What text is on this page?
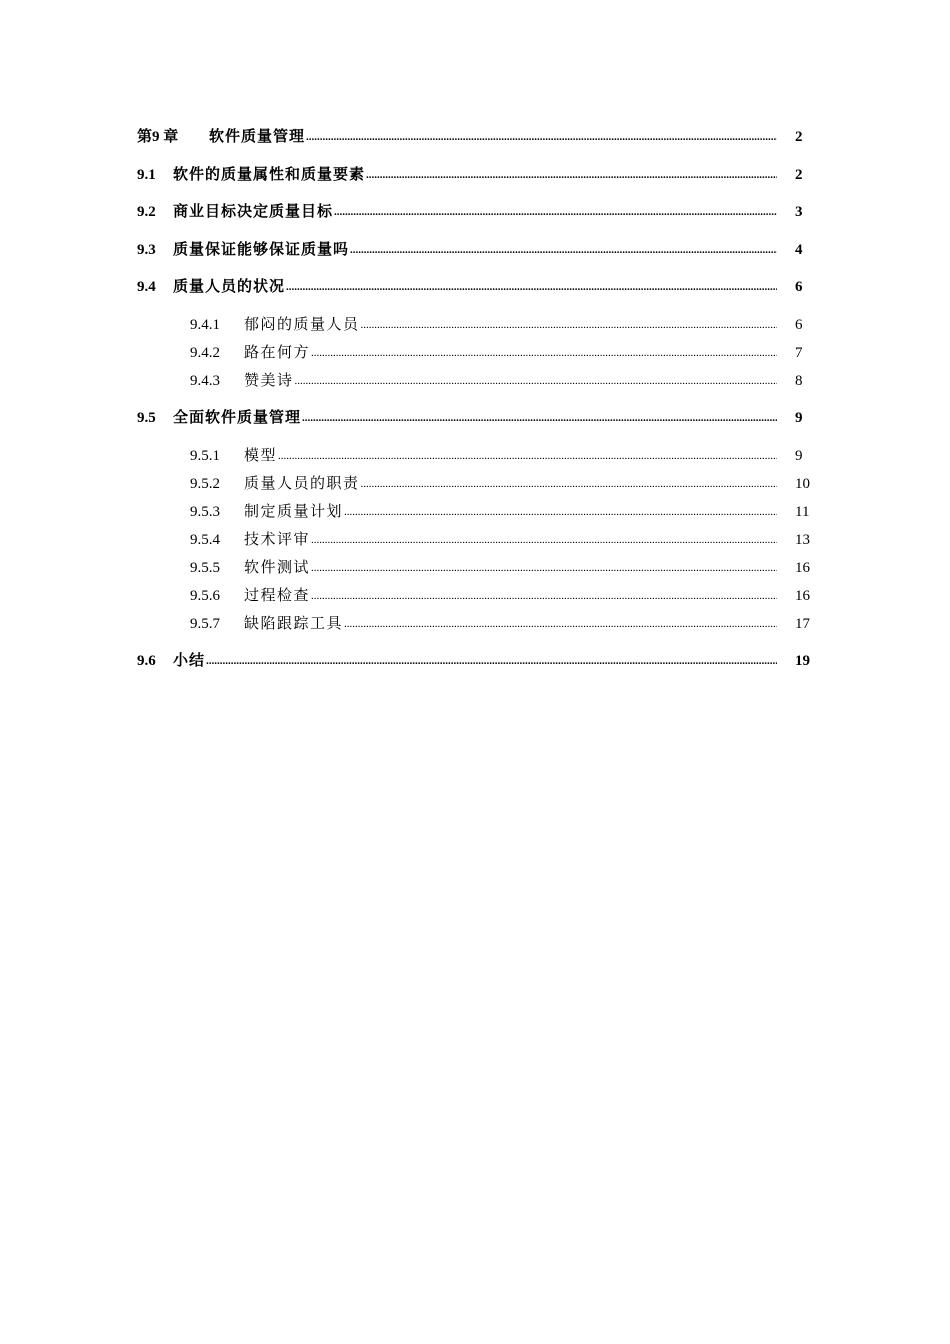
第9 章	软件质量管理 .....	2
9.1	软件的质量属性和质量要素 .....	2
9.2	商业目标决定质量目标 .....	3
9.3	质量保证能够保证质量吗 .....	4
9.4	质量人员的状况 .....	6
9.4.1	郁闷的质量人员 .....	6
9.4.2	路在何方 .....	7
9.4.3	赞美诗 .....	8
9.5	全面软件质量管理 .....	9
9.5.1	模型 .....	9
9.5.2	质量人员的职责 .....	10
9.5.3	制定质量计划 .....	11
9.5.4	技术评审 .....	13
9.5.5	软件测试 .....	16
9.5.6	过程检查 .....	16
9.5.7	缺陷跟踪工具 .....	17
9.6	小结 .....	19
